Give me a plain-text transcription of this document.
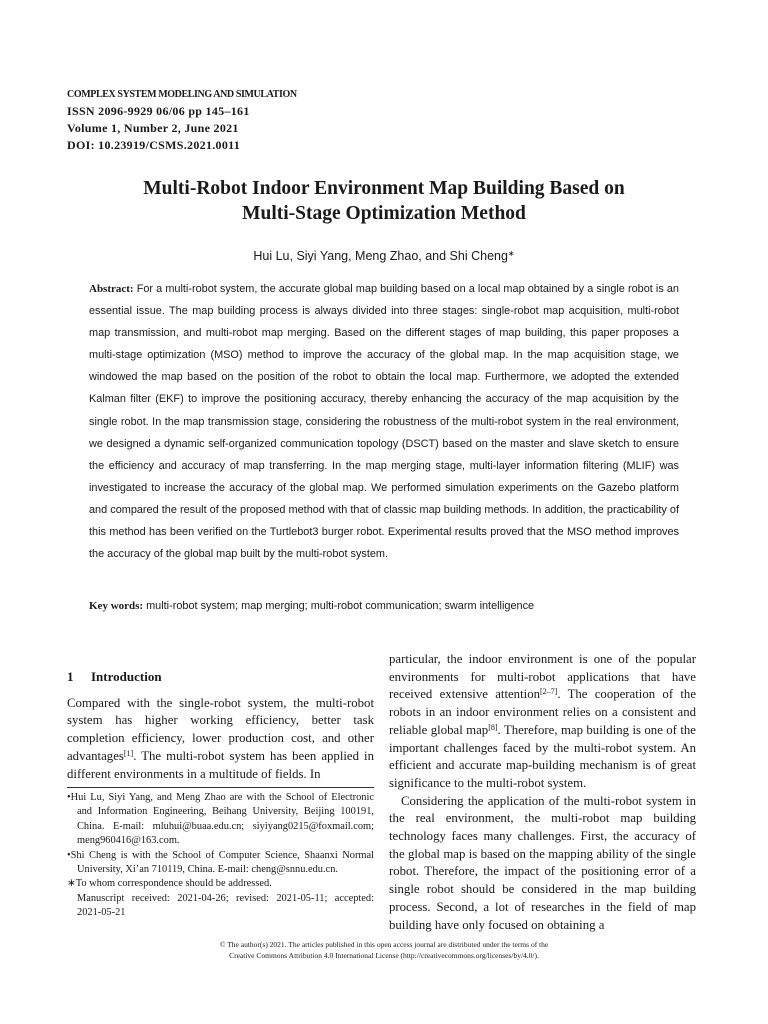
COMPLEX SYSTEM MODELING AND SIMULATION
ISSN 2096-9929 06/06 pp 145–161
Volume 1, Number 2, June 2021
DOI: 10.23919/CSMS.2021.0011
Multi-Robot Indoor Environment Map Building Based on
Multi-Stage Optimization Method
Hui Lu, Siyi Yang, Meng Zhao, and Shi Cheng∗
Abstract: For a multi-robot system, the accurate global map building based on a local map obtained by a single robot is an essential issue. The map building process is always divided into three stages: single-robot map acquisition, multi-robot map transmission, and multi-robot map merging. Based on the different stages of map building, this paper proposes a multi-stage optimization (MSO) method to improve the accuracy of the global map. In the map acquisition stage, we windowed the map based on the position of the robot to obtain the local map. Furthermore, we adopted the extended Kalman filter (EKF) to improve the positioning accuracy, thereby enhancing the accuracy of the map acquisition by the single robot. In the map transmission stage, considering the robustness of the multi-robot system in the real environment, we designed a dynamic self-organized communication topology (DSCT) based on the master and slave sketch to ensure the efficiency and accuracy of map transferring. In the map merging stage, multi-layer information filtering (MLIF) was investigated to increase the accuracy of the global map. We performed simulation experiments on the Gazebo platform and compared the result of the proposed method with that of classic map building methods. In addition, the practicability of this method has been verified on the Turtlebot3 burger robot. Experimental results proved that the MSO method improves the accuracy of the global map built by the multi-robot system.
Key words: multi-robot system; map merging; multi-robot communication; swarm intelligence
1 Introduction
Compared with the single-robot system, the multi-robot system has higher working efficiency, better task completion efficiency, lower production cost, and other advantages[1]. The multi-robot system has been applied in different environments in a multitude of fields. In
•Hui Lu, Siyi Yang, and Meng Zhao are with the School of Electronic and Information Engineering, Beihang University, Beijing 100191, China. E-mail: mluhui@buaa.edu.cn; siyiyang0215@foxmail.com; meng960416@163.com.
•Shi Cheng is with the School of Computer Science, Shaanxi Normal University, Xi’an 710119, China. E-mail: cheng@snnu.edu.cn.
∗To whom correspondence should be addressed.
Manuscript received: 2021-04-26; revised: 2021-05-11; accepted: 2021-05-21
particular, the indoor environment is one of the popular environments for multi-robot applications that have received extensive attention[2–7]. The cooperation of the robots in an indoor environment relies on a consistent and reliable global map[8]. Therefore, map building is one of the important challenges faced by the multi-robot system. An efficient and accurate map-building mechanism is of great significance to the multi-robot system.
Considering the application of the multi-robot system in the real environment, the multi-robot map building technology faces many challenges. First, the accuracy of the global map is based on the mapping ability of the single robot. Therefore, the impact of the positioning error of a single robot should be considered in the map building process. Second, a lot of researches in the field of map building have only focused on obtaining a
© The author(s) 2021. The articles published in this open access journal are distributed under the terms of the
Creative Commons Attribution 4.0 International License (http://creativecommons.org/licenses/by/4.0/).
